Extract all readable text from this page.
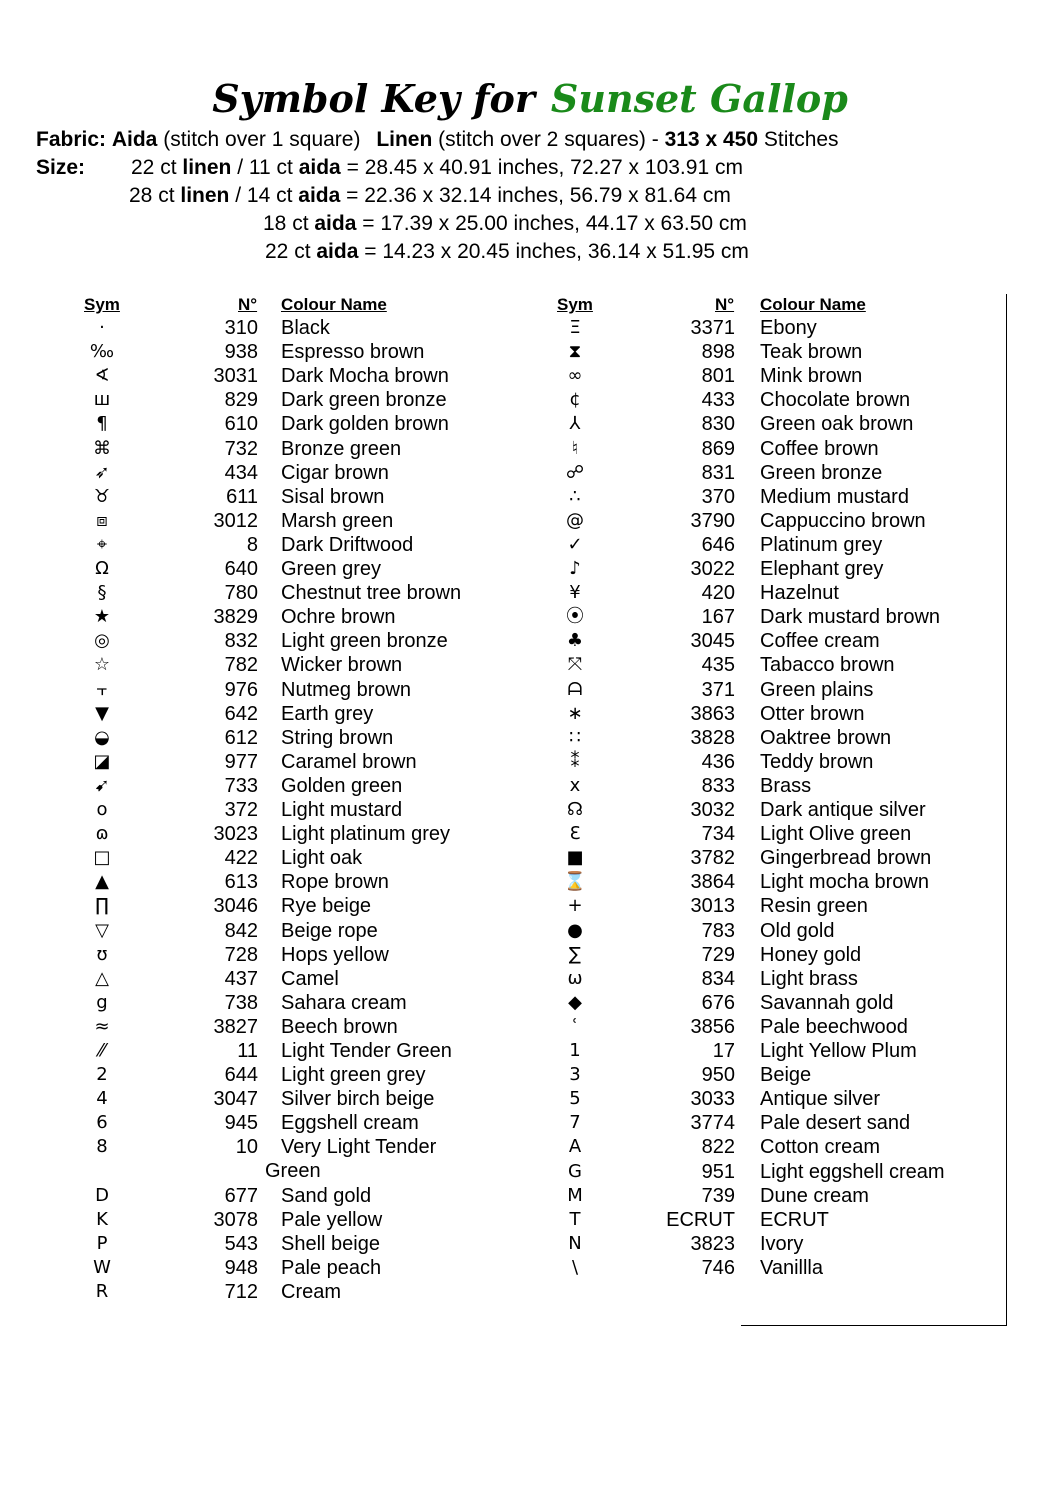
Symbol Key for Sunset Gallop
Fabric: Aida (stitch over 1 square) Linen (stitch over 2 squares) - 313 x 450 Stitches
Size: 22 ct linen / 11 ct aida = 28.45 x 40.91 inches, 72.27 x 103.91 cm
28 ct linen / 14 ct aida = 22.36 x 32.14 inches, 56.79 x 81.64 cm
18 ct aida = 17.39 x 25.00 inches, 44.17 x 63.50 cm
22 ct aida = 14.23 x 20.45 inches, 36.14 x 51.95 cm
Sym	N° Colour Name	Sym	N° Colour Name
·	310 Black
‰	938 Espresso brown
∢	3031 Dark Mocha brown
ш	829 Dark green bronze
¶	610 Dark golden brown
⌘	732 Bronze green
➶	434 Cigar brown
♉	611 Sisal brown
⧈	3012 Marsh green
⌖	8 Dark Driftwood
Ω	640 Green grey
§	780 Chestnut tree brown
★	3829 Ochre brown
◎	832 Light green bronze
☆	782 Wicker brown
⫟	976 Nutmeg brown
▼	642 Earth grey
◒	612 String brown
◪	977 Caramel brown
➹	733 Golden green
o	372 Light mustard
ɷ	3023 Light platinum grey
□	422 Light oak
▲	613 Rope brown
∏	3046 Rye beige
▽	842 Beige rope
ʊ	728 Hops yellow
△	437 Camel
g	738 Sahara cream
≈	3827 Beech brown
⁄⁄	11 Light Tender Green
2	644 Light green grey
4	3047 Silver birch beige
6	945 Eggshell cream
8	10 Very Light Tender
Green
D	677 Sand gold
K	3078 Pale yellow
P	543 Shell beige
W	948 Pale peach
R	712 Cream
Ξ	3371 Ebony
⧗	898 Teak brown
∞	801 Mink brown
¢	433 Chocolate brown
⅄	830 Green oak brown
♮	869 Coffee brown
☍	831 Green bronze
∴	370 Medium mustard
@	3790 Cappuccino brown
✓	646 Platinum grey
♪	3022 Elephant grey
¥	420 Hazelnut
⦿	167 Dark mustard brown
♣	3045 Coffee cream
⤧	435 Tabacco brown
ᗩ	371 Green plains
∗	3863 Otter brown
∷	3828 Oaktree brown
⁑	436 Teddy brown
x	833 Brass
☊	3032 Dark antique silver
Ɛ	734 Light Olive green
■	3782 Gingerbread brown
⌛	3864 Light mocha brown
+	3013 Resin green
●	783 Old gold
∑	729 Honey gold
ω	834 Light brass
◆	676 Savannah gold
ʿ	3856 Pale beechwood
1	17 Light Yellow Plum
3	950 Beige
5	3033 Antique silver
7	3774 Pale desert sand
A	822 Cotton cream
G	951 Light eggshell cream
M	739 Dune cream
T	ECRUT ECRUT
N	3823 Ivory
\	746 Vanillla
